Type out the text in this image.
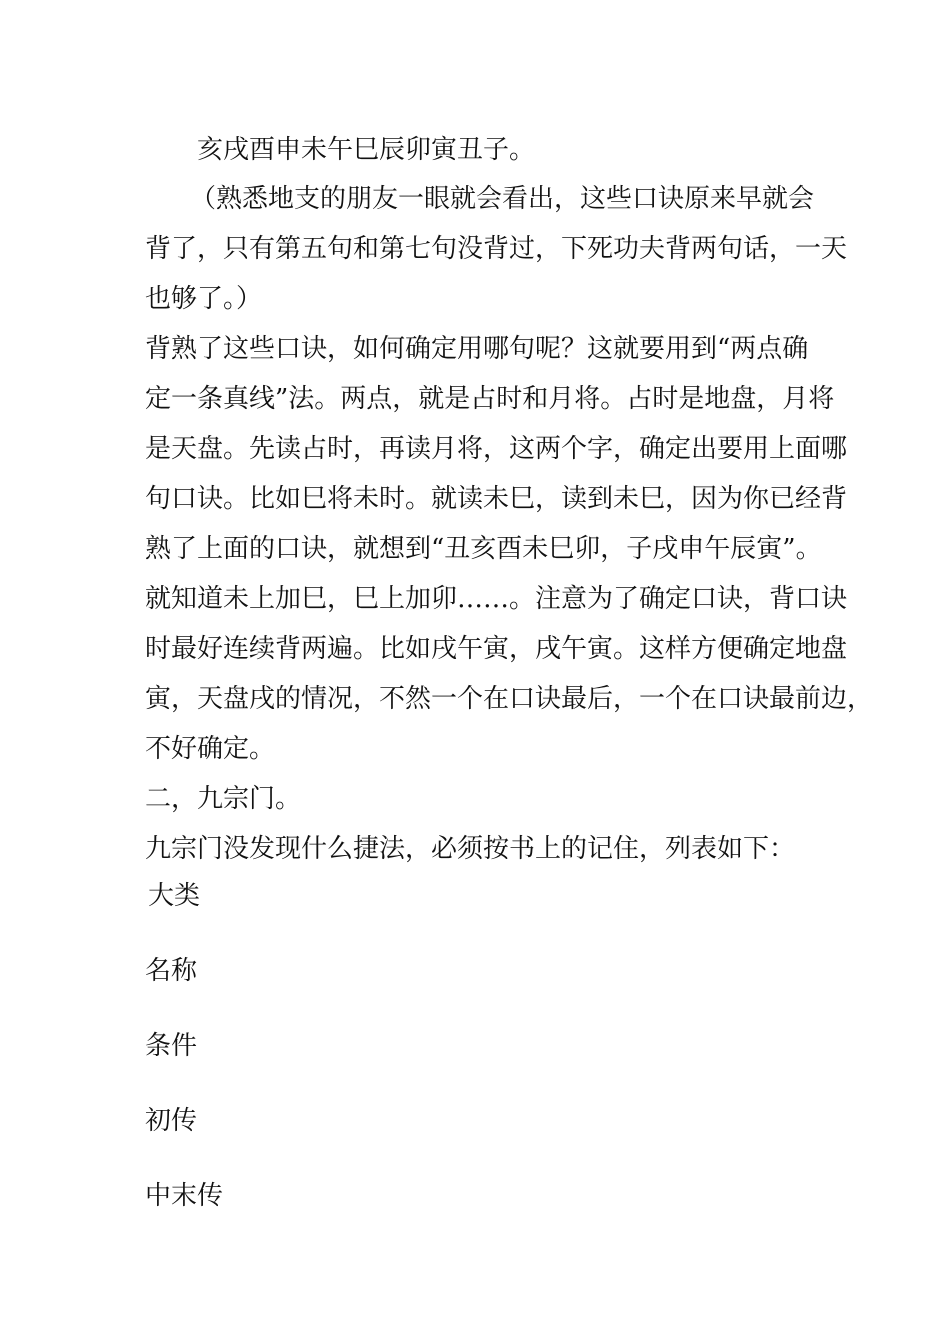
亥戌酉申未午巳辰卯寅丑子。
（熟悉地支的朋友一眼就会看出，这些口诀原来早就会
背了，只有第五句和第七句没背过，下死功夫背两句话，一天
也够了。）
背熟了这些口诀，如何确定用哪句呢？这就要用到“两点确
定一条真线”法。两点，就是占时和月将。占时是地盘，月将
是天盘。先读占时，再读月将，这两个字，确定出要用上面哪
句口诀。比如巳将未时。就读未巳，读到未巳，因为你已经背
熟了上面的口诀，就想到“丑亥酉未巳卯，子戌申午辰寅”。
就知道未上加巳，巳上加卯……。注意为了确定口诀，背口诀
时最好连续背两遍。比如戌午寅，戌午寅。这样方便确定地盘
寅，天盘戌的情况，不然一个在口诀最后，一个在口诀最前边，
不好确定。
二，九宗门。
九宗门没发现什么捷法，必须按书上的记住，列表如下：
大类
名称
条件
初传
中末传
